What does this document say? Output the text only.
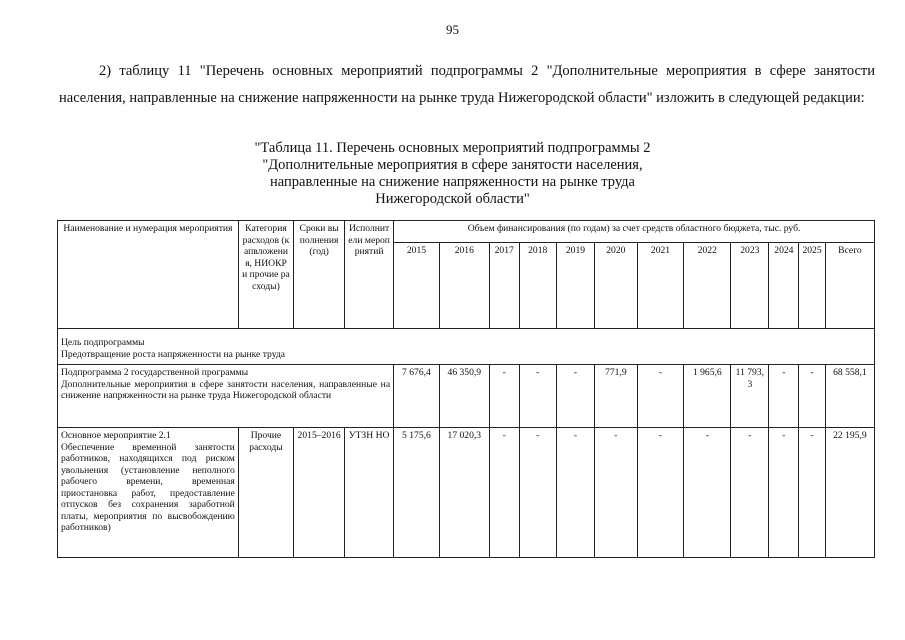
95
2) таблицу 11 "Перечень основных мероприятий подпрограммы 2 "Дополнительные мероприятия в сфере занятости населения, направленные на снижение напряженности на рынке труда Нижегородской области" изложить в следующей редакции:
"Таблица 11. Перечень основных мероприятий подпрограммы 2
"Дополнительные мероприятия в сфере занятости населения,
направленные на снижение напряженности на рынке труда
Нижегородской области"
Наименование и нумерация мероприятия	Категория расходов (капвложения, НИОКР и прочие расходы)	Сроки выполнения (год)	Исполнители мероприятий	Объем финансирования (по годам) за счет средств областного бюджета, тыс. руб.											
				2015	2016	2017	2018	2019	2020	2021	2022	2023	2024	2025	Всего

Цель подпрограммы
Предотвращение роста напряженности на рынке труда															

Подпрограмма 2 государственной программы
Дополнительные мероприятия в сфере занятости населения, направленные на снижение напряженности на рынке труда Нижегородской области				7 676,4	46 350,9	-	-	-	771,9	-	1 965,6	11 793,3	-	-	68 558,1

Основное мероприятие 2.1
Обеспечение временной занятости работников, находящихся под риском увольнения (установление неполного рабочего времени, временная приостановка работ, предоставление отпусков без сохранения заработной платы, мероприятия по высвобождению работников)	Прочие расходы	2015–2016	УТЗН НО	5 175,6	17 020,3	-	-	-	-	-	-	-	-	-	22 195,9
